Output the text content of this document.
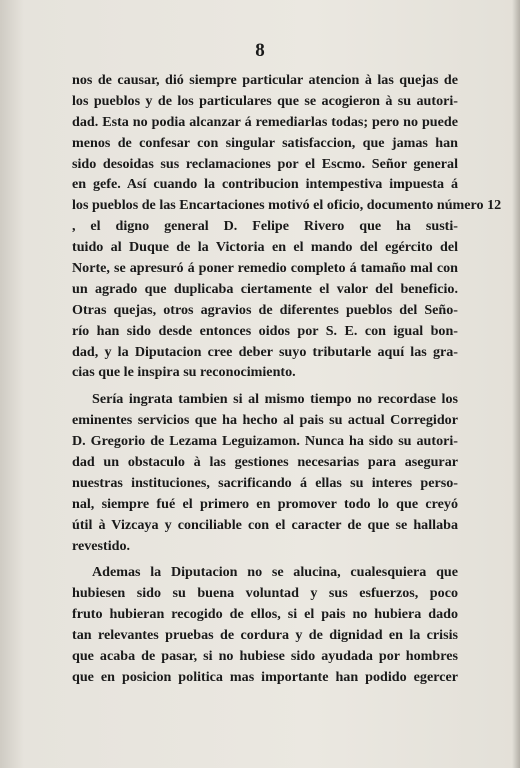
8
nos de causar, dió siempre particular atencion à las quejas de
los pueblos y de los particulares que se acogieron à su autori-
dad. Esta no podia alcanzar á remediarlas todas; pero no puede
menos de confesar con singular satisfaccion, que jamas han
sido desoidas sus reclamaciones por el Escmo. Señor general
en gefe. Así cuando la contribucion intempestiva impuesta á
los pueblos de las Encartaciones motivó el oficio, documento número 12
, el digno general D. Felipe Rivero que ha susti-
tuido al Duque de la Victoria en el mando del egército del
Norte, se apresuró á poner remedio completo á tamaño mal con
un agrado que duplicaba ciertamente el valor del beneficio.
Otras quejas, otros agravios de diferentes pueblos del Seño-
río han sido desde entonces oidos por S. E. con igual bon-
dad, y la Diputacion cree deber suyo tributarle aquí las gra-
cias que le inspira su reconocimiento.
Sería ingrata tambien si al mismo tiempo no recordase los
eminentes servicios que ha hecho al pais su actual Corregidor
D. Gregorio de Lezama Leguizamon. Nunca ha sido su autori-
dad un obstaculo à las gestiones necesarias para asegurar
nuestras instituciones, sacrificando á ellas su interes perso-
nal, siempre fué el primero en promover todo lo que creyó
útil à Vizcaya y conciliable con el caracter de que se hallaba
revestido.
Ademas la Diputacion no se alucina, cualesquiera que
hubiesen sido su buena voluntad y sus esfuerzos, poco
fruto hubieran recogido de ellos, si el pais no hubiera dado
tan relevantes pruebas de cordura y de dignidad en la crisis
que acaba de pasar, si no hubiese sido ayudada por hombres
que en posicion politica mas importante han podido egercer
